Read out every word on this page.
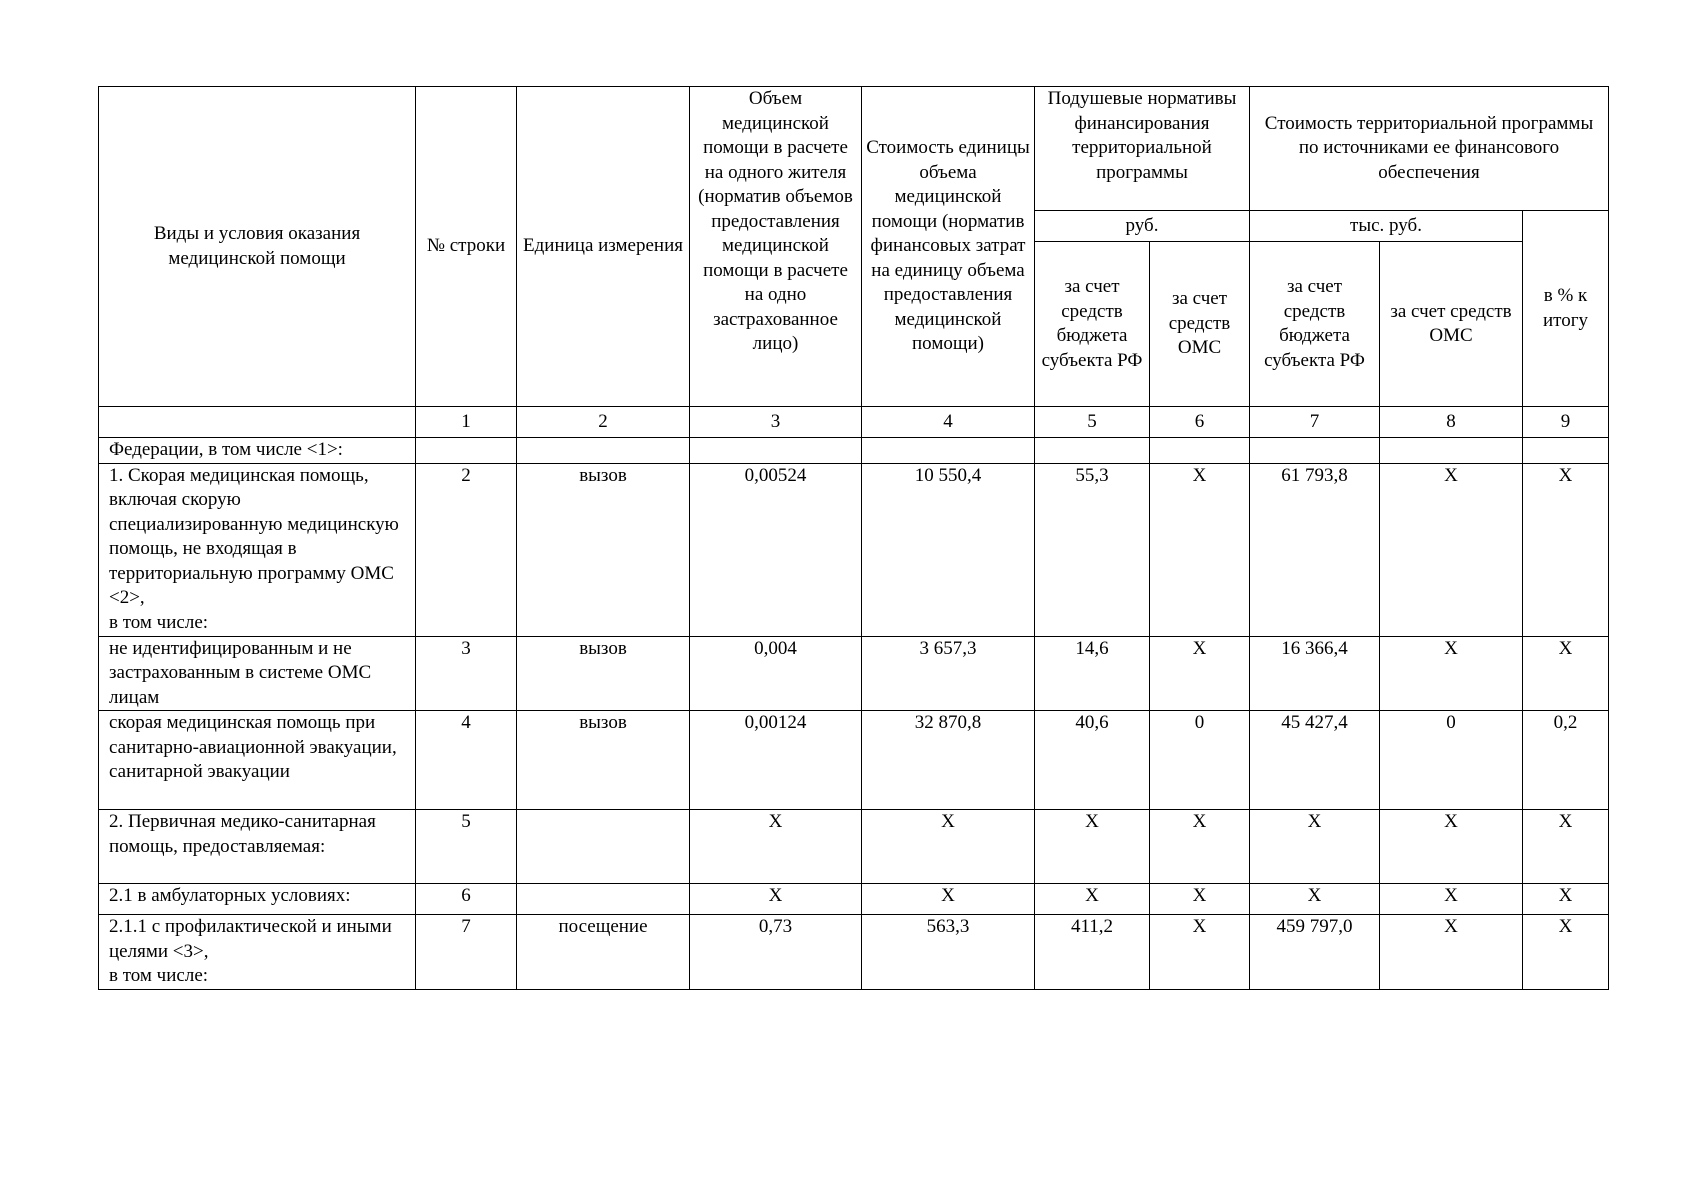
Виды и условия оказания медицинской помощи	№ строки	Единица измерения	Объем медицинской помощи в расчете на одного жителя (норматив объемов предоставления медицинской помощи в расчете на одно застрахованное лицо)	Стоимость единицы объема медицинской помощи (норматив финансовых затрат на единицу объема предоставления медицинской помощи)	Подушевые нормативы финансирования территориальной программы		Стоимость территориальной программы по источниками ее финансового обеспечения		
					руб.		тыс. руб.		в % к итогу
					за счет средств бюджета субъекта РФ	за счет средств ОМС	за счет средств бюджета субъекта РФ	за счет средств ОМС	
	1	2	3	4	5	6	7	8	9
Федерации, в том числе <1>:									

1. Скорая медицинская помощь, включая скорую специализированную медицинскую помощь, не входящая в территориальную программу ОМС <2>,
в том числе:	2	вызов	0,00524	10 550,4	55,3	X	61 793,8	X	X
не идентифицированным и не застрахованным в системе ОМС лицам	3	вызов	0,004	3 657,3	14,6	X	16 366,4	X	X
скорая медицинская помощь при санитарно-авиационной эвакуации, санитарной эвакуации	4	вызов	0,00124	32 870,8	40,6	0	45 427,4	0	0,2
2. Первичная медико-санитарная помощь, предоставляемая:	5		X	X	X	X	X	X	X
2.1 в амбулаторных условиях:	6		X	X	X	X	X	X	X

2.1.1 с профилактической и иными целями <3>,
в том числе:	7	посещение	0,73	563,3	411,2	X	459 797,0	X	X
